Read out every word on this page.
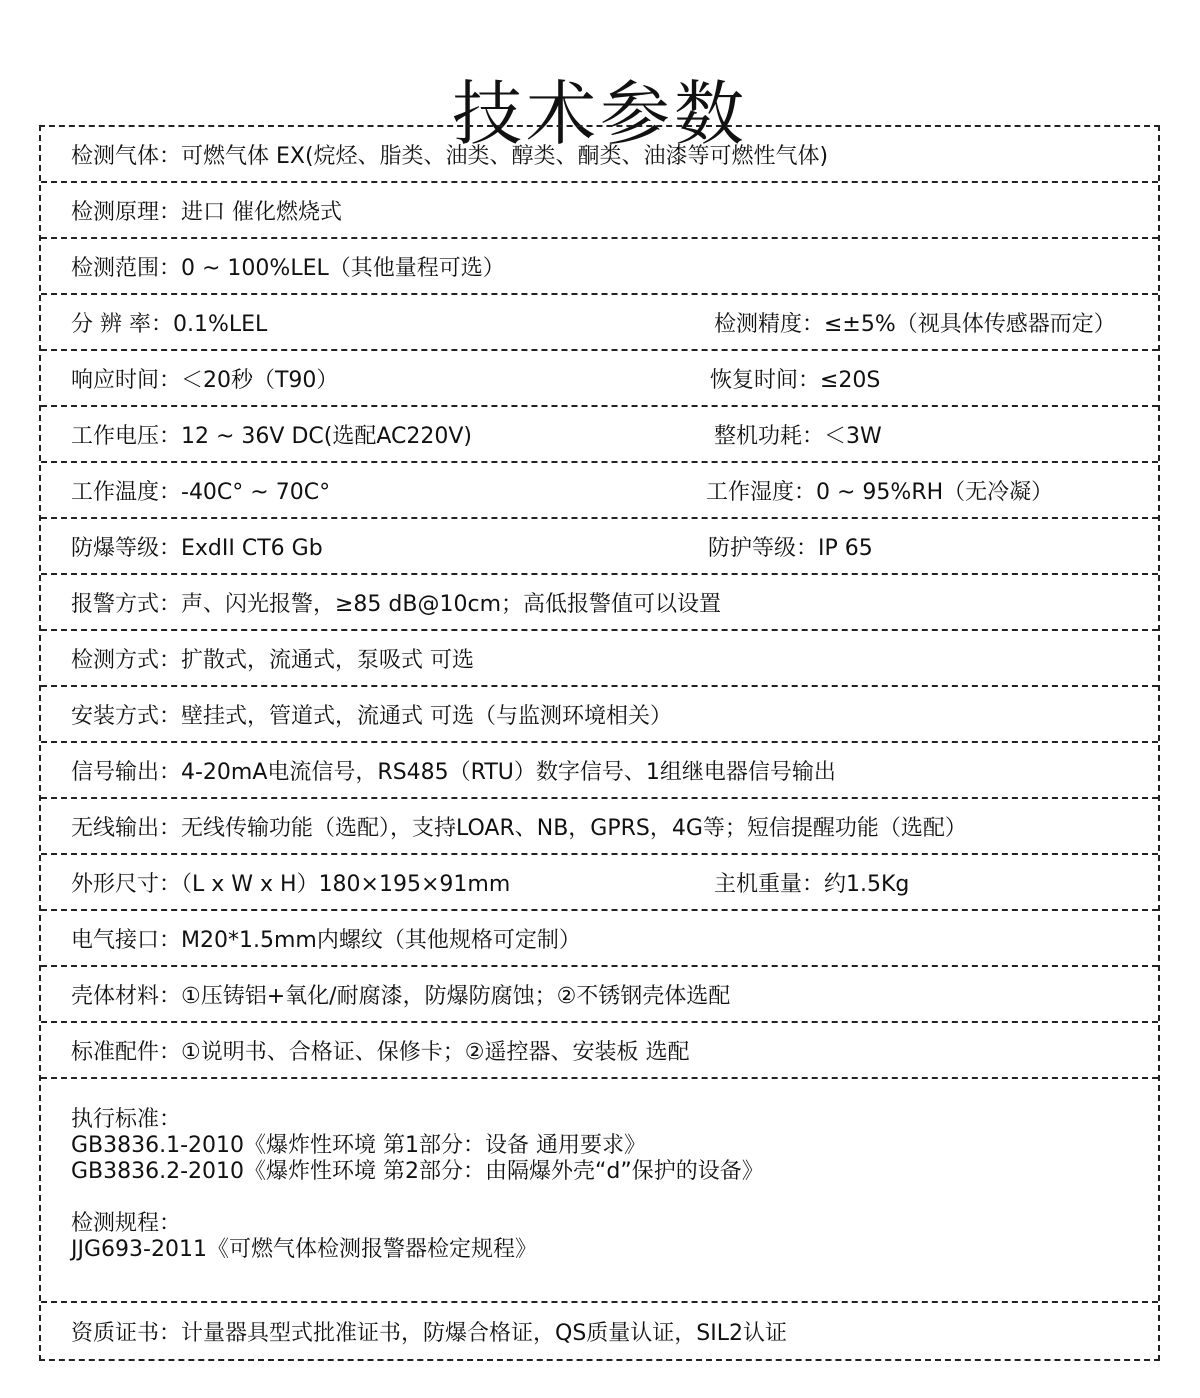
技术参数
检测气体：可燃气体 EX(烷烃、脂类、油类、醇类、酮类、油漆等可燃性气体)
检测原理：进口 催化燃烧式
检测范围：0 ~ 100%LEL（其他量程可选）
分 辨 率：0.1%LEL	检测精度：≤±5%（视具体传感器而定）
响应时间：＜20秒（T90）	恢复时间：≤20S
工作电压：12 ~ 36V DC(选配AC220V)	整机功耗：＜3W
工作温度：-40C° ~ 70C°	工作湿度：0 ~ 95%RH（无冷凝）
防爆等级：ExdII CT6 Gb	防护等级：IP 65
报警方式：声、闪光报警，≥85 dB@10cm；高低报警值可以设置
检测方式：扩散式，流通式，泵吸式 可选
安装方式：壁挂式，管道式，流通式 可选（与监测环境相关）
信号输出：4-20mA电流信号，RS485（RTU）数字信号、1组继电器信号输出
无线输出：无线传输功能（选配），支持LOAR、NB，GPRS，4G等；短信提醒功能（选配）
外形尺寸：（L x W x H）180×195×91mm	主机重量：约1.5Kg
电气接口：M20*1.5mm内螺纹（其他规格可定制）
壳体材料：①压铸铝+氧化/耐腐漆，防爆防腐蚀；②不锈钢壳体选配
标准配件：①说明书、合格证、保修卡；②遥控器、安装板 选配
执行标准：
GB3836.1-2010《爆炸性环境 第1部分：设备 通用要求》
GB3836.2-2010《爆炸性环境 第2部分：由隔爆外壳“d”保护的设备》
检测规程：
JJG693-2011《可燃气体检测报警器检定规程》
资质证书：计量器具型式批准证书，防爆合格证，QS质量认证，SIL2认证
